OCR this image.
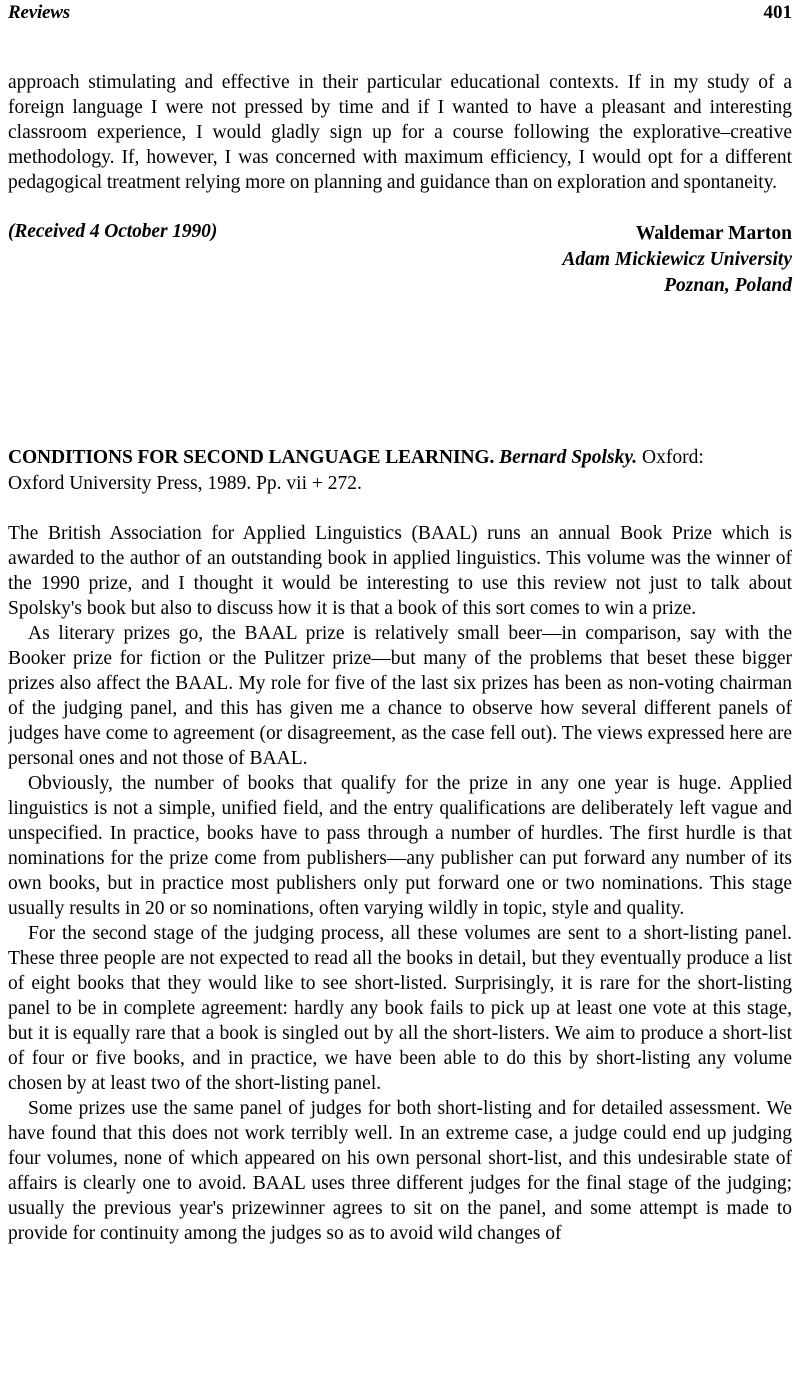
Reviews	401
approach stimulating and effective in their particular educational contexts. If in my study of a foreign language I were not pressed by time and if I wanted to have a pleasant and interesting classroom experience, I would gladly sign up for a course following the explorative–creative methodology. If, however, I was concerned with maximum efficiency, I would opt for a different pedagogical treatment relying more on planning and guidance than on exploration and spontaneity.
(Received 4 October 1990)	Waldemar Marton
Adam Mickiewicz University
Poznan, Poland
CONDITIONS FOR SECOND LANGUAGE LEARNING. Bernard Spolsky. Oxford:
Oxford University Press, 1989. Pp. vii + 272.

The British Association for Applied Linguistics (BAAL) runs an annual Book Prize which is awarded to the author of an outstanding book in applied linguistics. This volume was the winner of the 1990 prize, and I thought it would be interesting to use this review not just to talk about Spolsky's book but also to discuss how it is that a book of this sort comes to win a prize.

As literary prizes go, the BAAL prize is relatively small beer—in comparison, say with the Booker prize for fiction or the Pulitzer prize—but many of the problems that beset these bigger prizes also affect the BAAL. My role for five of the last six prizes has been as non-voting chairman of the judging panel, and this has given me a chance to observe how several different panels of judges have come to agreement (or disagreement, as the case fell out). The views expressed here are personal ones and not those of BAAL.

Obviously, the number of books that qualify for the prize in any one year is huge. Applied linguistics is not a simple, unified field, and the entry qualifications are deliberately left vague and unspecified. In practice, books have to pass through a number of hurdles. The first hurdle is that nominations for the prize come from publishers—any publisher can put forward any number of its own books, but in practice most publishers only put forward one or two nominations. This stage usually results in 20 or so nominations, often varying wildly in topic, style and quality.

For the second stage of the judging process, all these volumes are sent to a short-listing panel. These three people are not expected to read all the books in detail, but they eventually produce a list of eight books that they would like to see short-listed. Surprisingly, it is rare for the short-listing panel to be in complete agreement: hardly any book fails to pick up at least one vote at this stage, but it is equally rare that a book is singled out by all the short-listers. We aim to produce a short-list of four or five books, and in practice, we have been able to do this by short-listing any volume chosen by at least two of the short-listing panel.

Some prizes use the same panel of judges for both short-listing and for detailed assessment. We have found that this does not work terribly well. In an extreme case, a judge could end up judging four volumes, none of which appeared on his own personal short-list, and this undesirable state of affairs is clearly one to avoid. BAAL uses three different judges for the final stage of the judging; usually the previous year's prizewinner agrees to sit on the panel, and some attempt is made to provide for continuity among the judges so as to avoid wild changes of
